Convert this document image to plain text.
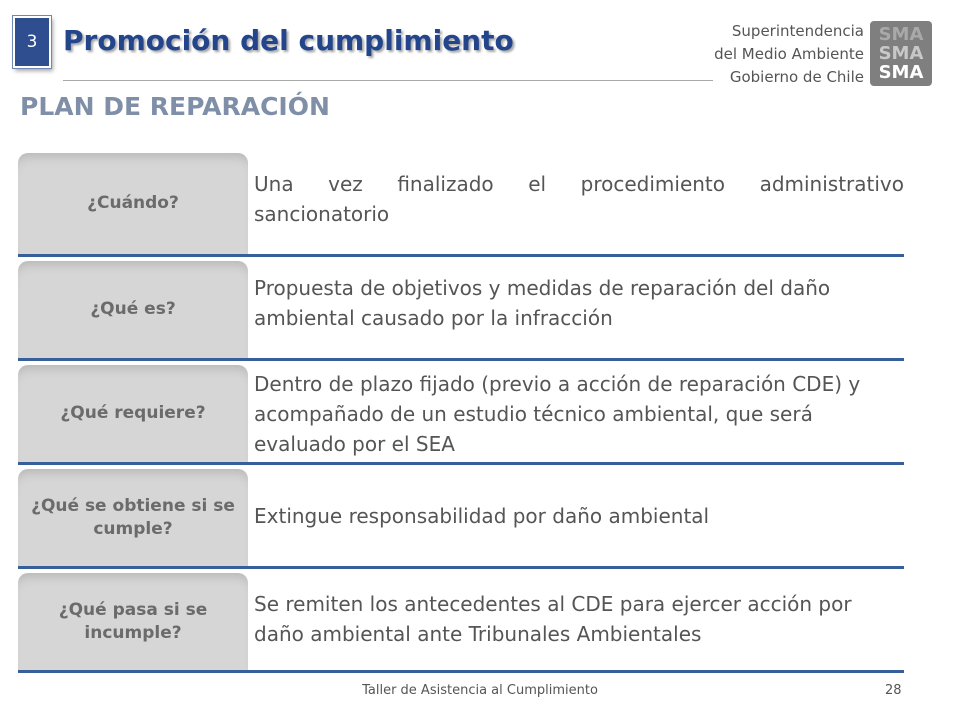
3 Promoción del cumplimiento	Superintendencia
del Medio Ambiente
Gobierno de Chile
SMA
SMA
SMA
PLAN DE REPARACIÓN
¿Cuándo?
Una vez finalizado el procedimiento administrativo sancionatorio
¿Qué es?
Propuesta de objetivos y medidas de reparación del daño ambiental causado por la infracción
¿Qué requiere?
Dentro de plazo fijado (previo a acción de reparación CDE) y acompañado de un estudio técnico ambiental, que será evaluado por el SEA
¿Qué se obtiene si se cumple?
Extingue responsabilidad por daño ambiental
¿Qué pasa si se incumple?
Se remiten los antecedentes al CDE para ejercer acción por daño ambiental ante Tribunales Ambientales
Taller de Asistencia al Cumplimiento	28
